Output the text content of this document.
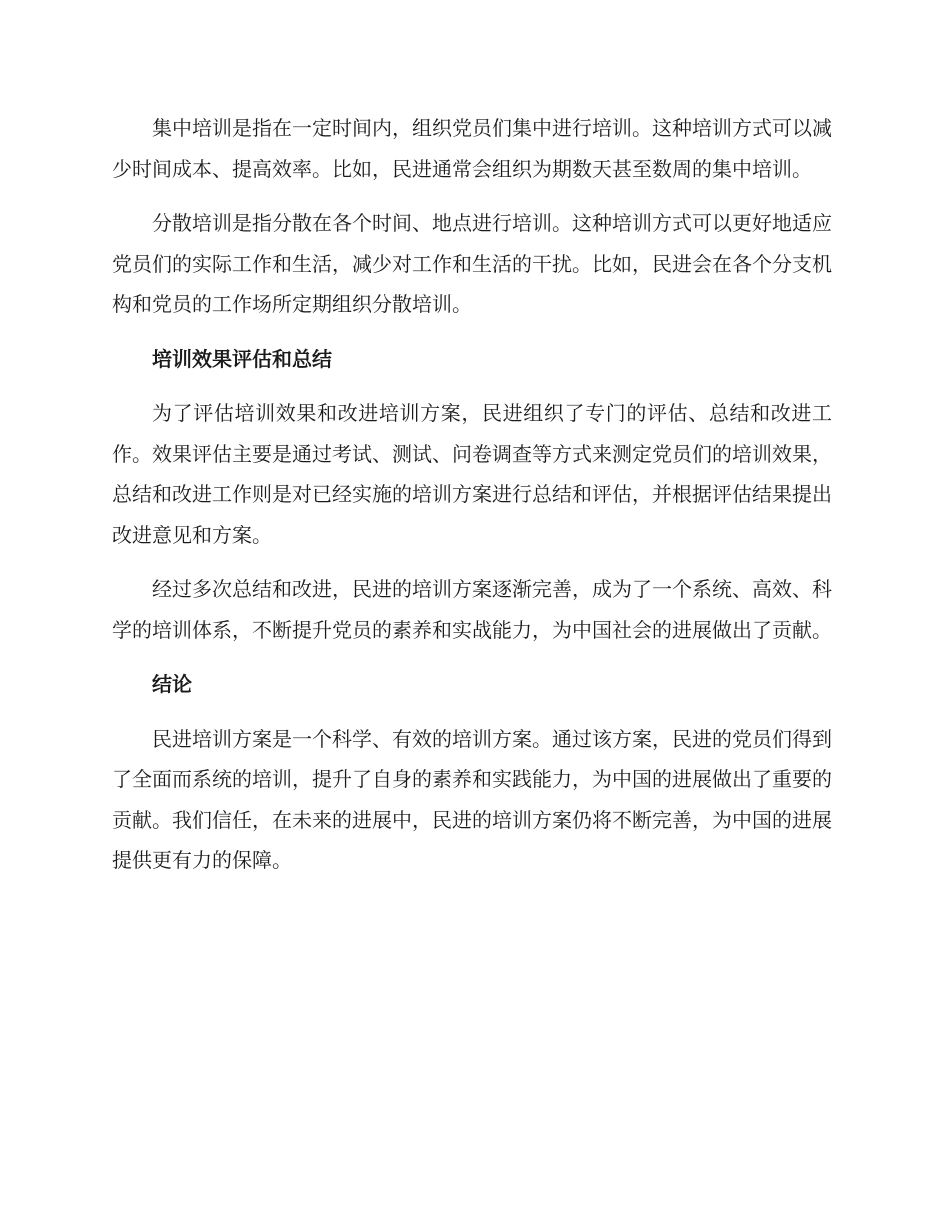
集中培训是指在一定时间内，组织党员们集中进行培训。这种培训方式可以减少时间成本、提高效率。比如，民进通常会组织为期数天甚至数周的集中培训。

分散培训是指分散在各个时间、地点进行培训。这种培训方式可以更好地适应党员们的实际工作和生活，减少对工作和生活的干扰。比如，民进会在各个分支机构和党员的工作场所定期组织分散培训。

培训效果评估和总结

为了评估培训效果和改进培训方案，民进组织了专门的评估、总结和改进工作。效果评估主要是通过考试、测试、问卷调查等方式来测定党员们的培训效果，总结和改进工作则是对已经实施的培训方案进行总结和评估，并根据评估结果提出改进意见和方案。

经过多次总结和改进，民进的培训方案逐渐完善，成为了一个系统、高效、科学的培训体系，不断提升党员的素养和实战能力，为中国社会的进展做出了贡献。

结论

民进培训方案是一个科学、有效的培训方案。通过该方案，民进的党员们得到了全面而系统的培训，提升了自身的素养和实践能力，为中国的进展做出了重要的贡献。我们信任，在未来的进展中，民进的培训方案仍将不断完善，为中国的进展提供更有力的保障。
